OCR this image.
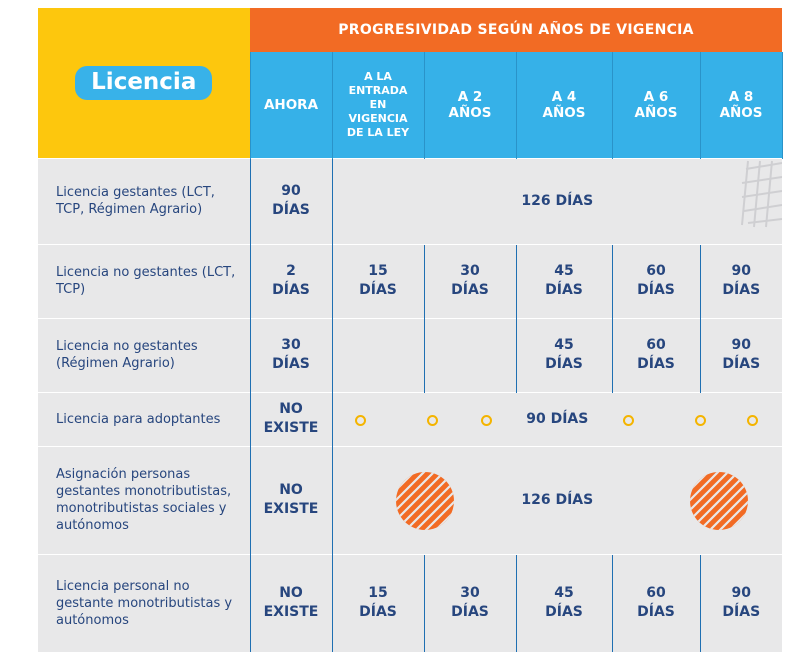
Licencia	PROGRESIVIDAD SEGÚN AÑOS DE VIGENCIA					
	AHORA	A LA ENTRADA EN VIGENCIA DE LA LEY	A 2 AÑOS	A 4 AÑOS	A 6 AÑOS	A 8 AÑOS

Licencia gestantes (LCT, TCP, Régimen Agrario)	90 DÍAS	126 DÍAS				

Licencia no gestantes (LCT, TCP)	2 DÍAS	15 DÍAS	30 DÍAS	45 DÍAS	60 DÍAS	90 DÍAS

Licencia no gestantes (Régimen Agrario)	30 DÍAS			45 DÍAS	60 DÍAS	90 DÍAS

Licencia para adoptantes	NO EXISTE	90 DÍAS				

Asignación personas gestantes monotributistas, monotributistas sociales y autónomos	NO EXISTE	126 DÍAS				

Licencia personal no gestante monotributistas y autónomos	NO EXISTE	15 DÍAS	30 DÍAS	45 DÍAS	60 DÍAS	90 DÍAS
